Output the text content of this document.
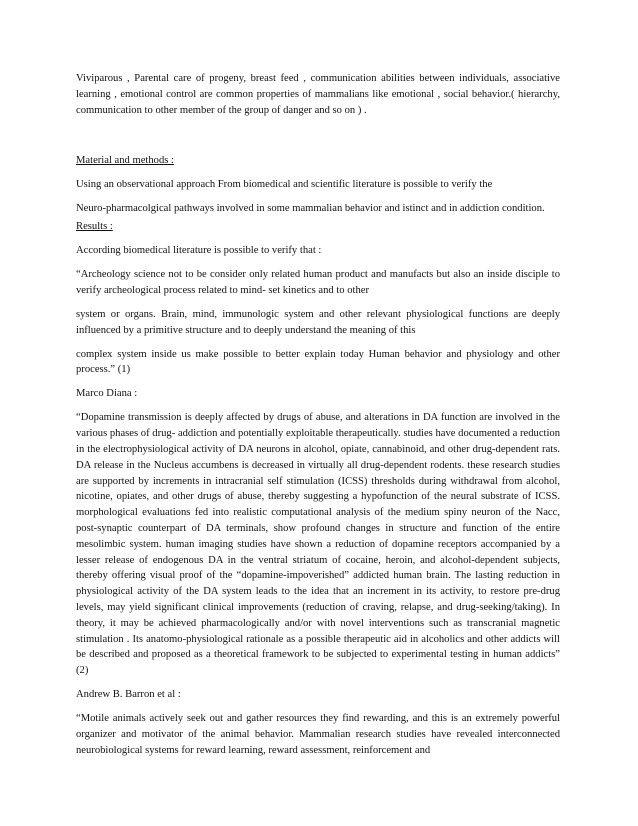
Viviparous , Parental care of progeny, breast feed , communication abilities between individuals, associative learning , emotional control are common properties of mammalians like emotional , social behavior.( hierarchy, communication to other member of the group of danger and so on ) .

Material and methods :

Using an observational approach From biomedical and scientific literature is possible to verify the

Neuro-pharmacolgical pathways involved in some mammalian behavior and istinct and in addiction condition.

Results :

According biomedical literature is possible to verify that :

“Archeology science not to be consider only related human product and manufacts but also an inside disciple to verify archeological process related to mind- set kinetics and to other

system or organs. Brain, mind, immunologic system and other relevant physiological functions are deeply influenced by a primitive structure and to deeply understand the meaning of this

complex system inside us make possible to better explain today Human behavior and physiology and other process.” (1)

Marco Diana :

“Dopamine transmission is deeply affected by drugs of abuse, and alterations in DA function are involved in the various phases of drug- addiction and potentially exploitable therapeutically. studies have documented a reduction in the electrophysiological activity of DA neurons in alcohol, opiate, cannabinoid, and other drug-dependent rats. DA release in the Nucleus accumbens is decreased in virtually all drug-dependent rodents. these research studies are supported by increments in intracranial self stimulation (ICSS) thresholds during withdrawal from alcohol, nicotine, opiates, and other drugs of abuse, thereby suggesting a hypofunction of the neural substrate of ICSS. morphological evaluations fed into realistic computational analysis of the medium spiny neuron of the Nacc, post-synaptic counterpart of DA terminals, show profound changes in structure and function of the entire mesolimbic system. human imaging studies have shown a reduction of dopamine receptors accompanied by a lesser release of endogenous DA in the ventral striatum of cocaine, heroin, and alcohol-dependent subjects, thereby offering visual proof of the “dopamine-impoverished” addicted human brain. The lasting reduction in physiological activity of the DA system leads to the idea that an increment in its activity, to restore pre-drug levels, may yield significant clinical improvements (reduction of craving, relapse, and drug-seeking/taking). In theory, it may be achieved pharmacologically and/or with novel interventions such as transcranial magnetic stimulation . Its anatomo-physiological rationale as a possible therapeutic aid in alcoholics and other addicts will be described and proposed as a theoretical framework to be subjected to experimental testing in human addicts” (2)

Andrew B. Barron et al :

“Motile animals actively seek out and gather resources they find rewarding, and this is an extremely powerful organizer and motivator of the animal behavior. Mammalian research studies have revealed interconnected neurobiological systems for reward learning, reward assessment, reinforcement and
